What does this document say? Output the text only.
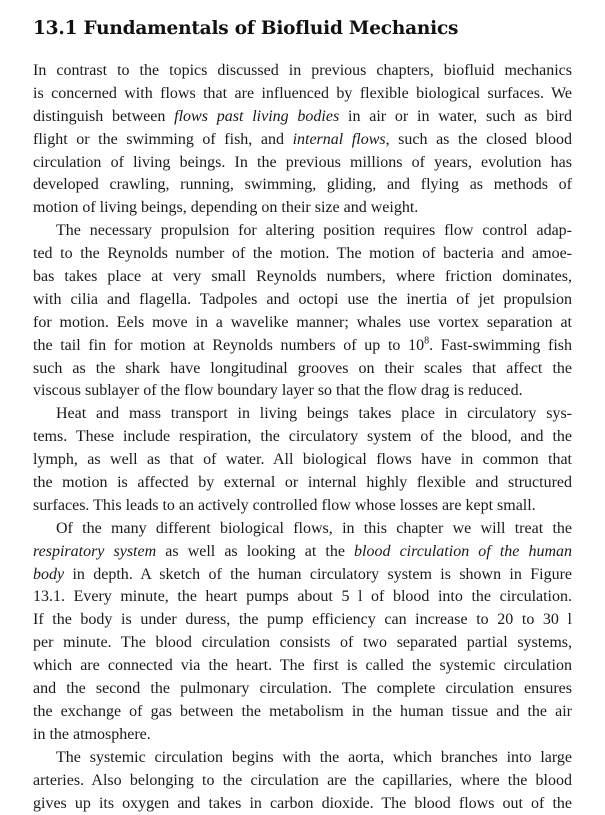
13.1 Fundamentals of Biofluid Mechanics
In contrast to the topics discussed in previous chapters, biofluid mechanics
is concerned with flows that are influenced by flexible biological surfaces. We
distinguish between flows past living bodies in air or in water, such as bird
flight or the swimming of fish, and internal flows, such as the closed blood
circulation of living beings. In the previous millions of years, evolution has
developed crawling, running, swimming, gliding, and flying as methods of
motion of living beings, depending on their size and weight.
The necessary propulsion for altering position requires flow control adap-
ted to the Reynolds number of the motion. The motion of bacteria and amoe-
bas takes place at very small Reynolds numbers, where friction dominates,
with cilia and flagella. Tadpoles and octopi use the inertia of jet propulsion
for motion. Eels move in a wavelike manner; whales use vortex separation at
the tail fin for motion at Reynolds numbers of up to $10^8$. Fast-swimming fish
such as the shark have longitudinal grooves on their scales that affect the
viscous sublayer of the flow boundary layer so that the flow drag is reduced.
Heat and mass transport in living beings takes place in circulatory sys-
tems. These include respiration, the circulatory system of the blood, and the
lymph, as well as that of water. All biological flows have in common that
the motion is affected by external or internal highly flexible and structured
surfaces. This leads to an actively controlled flow whose losses are kept small.
Of the many different biological flows, in this chapter we will treat the
respiratory system as well as looking at the blood circulation of the human
body in depth. A sketch of the human circulatory system is shown in Figure
13.1. Every minute, the heart pumps about 5 l of blood into the circulation.
If the body is under duress, the pump efficiency can increase to 20 to 30 l
per minute. The blood circulation consists of two separated partial systems,
which are connected via the heart. The first is called the systemic circulation
and the second the pulmonary circulation. The complete circulation ensures
the exchange of gas between the metabolism in the human tissue and the air
in the atmosphere.
The systemic circulation begins with the aorta, which branches into large
arteries. Also belonging to the circulation are the capillaries, where the blood
gives up its oxygen and takes in carbon dioxide. The blood flows out of the
